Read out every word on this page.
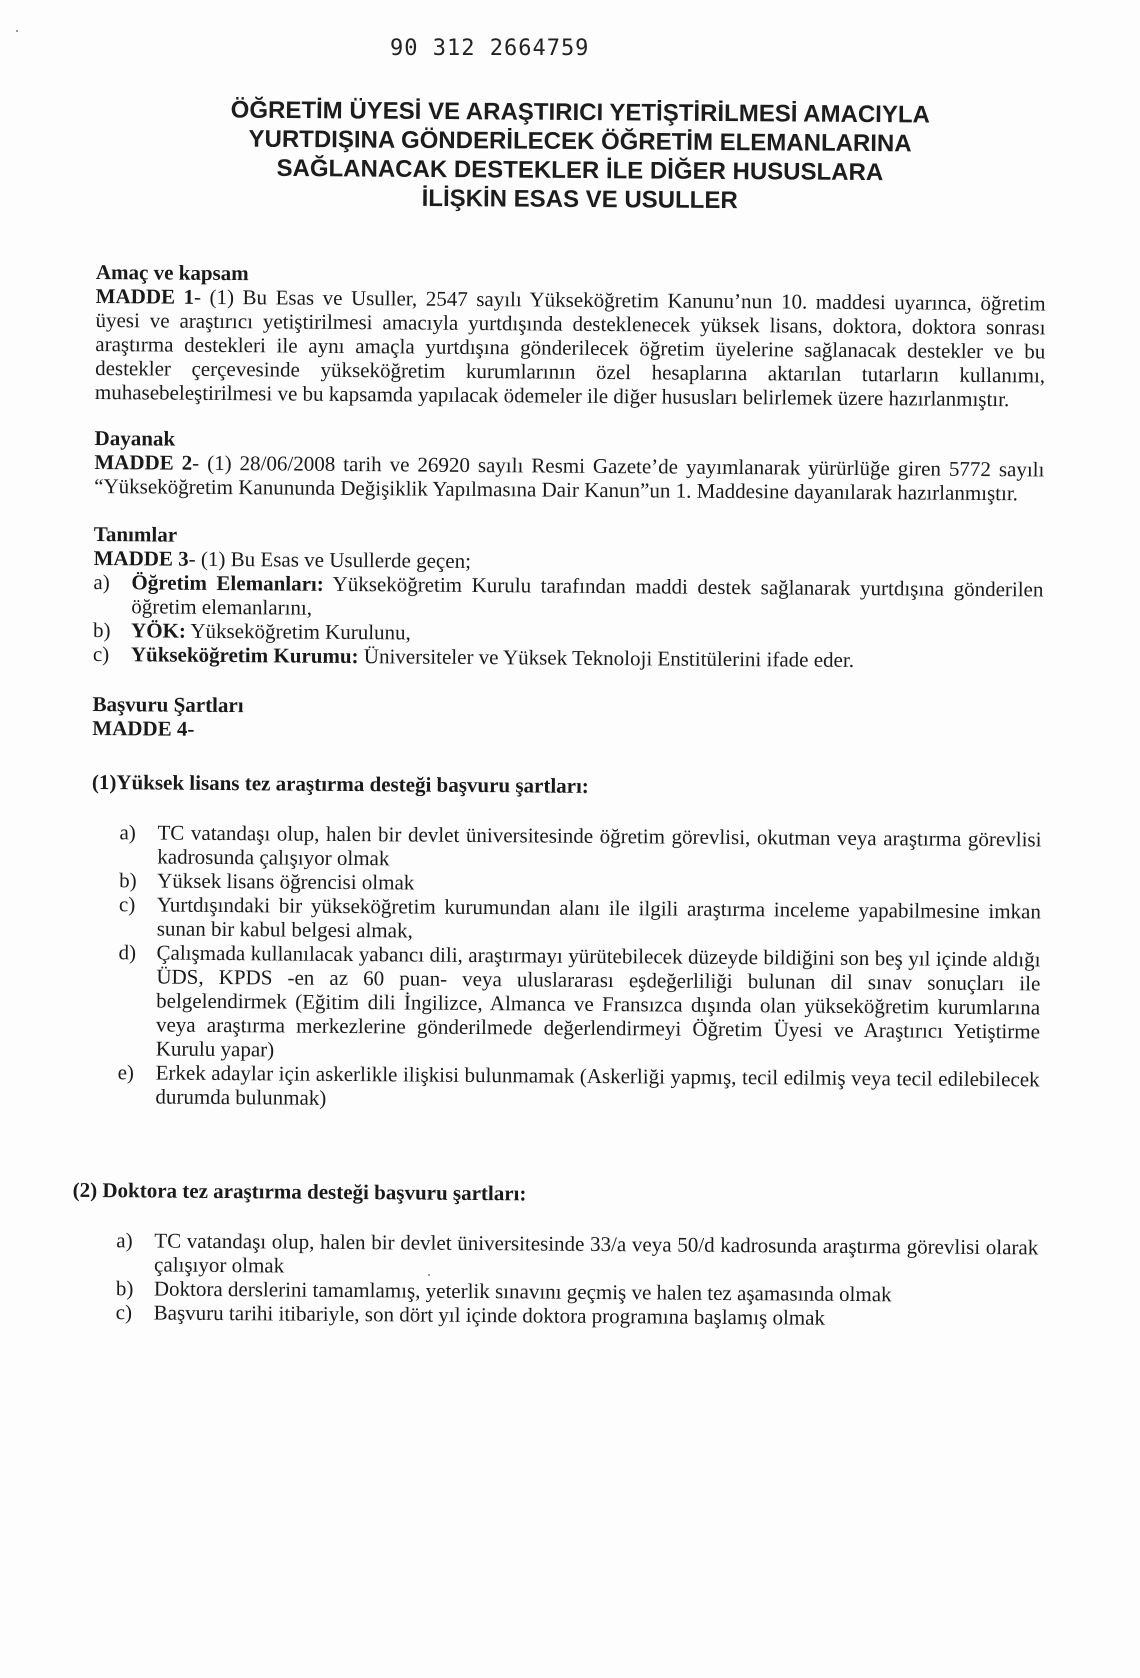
90 312 2664759
ÖĞRETİM ÜYESİ VE ARAŞTIRICI YETİŞTİRİLMESİ AMACIYLA
YURTDIŞINA GÖNDERİLECEK ÖĞRETİM ELEMANLARINA
SAĞLANACAK DESTEKLER İLE DİĞER HUSUSLARA
İLİŞKİN ESAS VE USULLER

Amaç ve kapsam

MADDE 1- (1) Bu Esas ve Usuller, 2547 sayılı Yükseköğretim Kanunu’nun 10. maddesi uyarınca, öğretim üyesi ve araştırıcı yetiştirilmesi amacıyla yurtdışında desteklenecek yüksek lisans, doktora, doktora sonrası araştırma destekleri ile aynı amaçla yurtdışına gönderilecek öğretim üyelerine sağlanacak destekler ve bu destekler çerçevesinde yükseköğretim kurumlarının özel hesaplarına aktarılan tutarların kullanımı, muhasebeleştirilmesi ve bu kapsamda yapılacak ödemeler ile diğer hususları belirlemek üzere hazırlanmıştır.

Dayanak

MADDE 2- (1) 28/06/2008 tarih ve 26920 sayılı Resmi Gazete’de yayımlanarak yürürlüğe giren 5772 sayılı “Yükseköğretim Kanununda Değişiklik Yapılmasına Dair Kanun”un 1. Maddesine dayanılarak hazırlanmıştır.

Tanımlar

MADDE 3- (1) Bu Esas ve Usullerde geçen;

a) Öğretim Elemanları: Yükseköğretim Kurulu tarafından maddi destek sağlanarak yurtdışına gönderilen öğretim elemanlarını,
b) YÖK: Yükseköğretim Kurulunu,
c) Yükseköğretim Kurumu: Üniversiteler ve Yüksek Teknoloji Enstitülerini ifade eder.

Başvuru Şartları

MADDE 4-

(1)Yüksek lisans tez araştırma desteği başvuru şartları:

a) TC vatandaşı olup, halen bir devlet üniversitesinde öğretim görevlisi, okutman veya araştırma görevlisi kadrosunda çalışıyor olmak
b) Yüksek lisans öğrencisi olmak
c) Yurtdışındaki bir yükseköğretim kurumundan alanı ile ilgili araştırma inceleme yapabilmesine imkan sunan bir kabul belgesi almak,
d) Çalışmada kullanılacak yabancı dili, araştırmayı yürütebilecek düzeyde bildiğini son beş yıl içinde aldığı ÜDS, KPDS -en az 60 puan- veya uluslararası eşdeğerliliği bulunan dil sınav sonuçları ile belgelendirmek (Eğitim dili İngilizce, Almanca ve Fransızca dışında olan yükseköğretim kurumlarına veya araştırma merkezlerine gönderilmede değerlendirmeyi Öğretim Üyesi ve Araştırıcı Yetiştirme Kurulu yapar)
e) Erkek adaylar için askerlikle ilişkisi bulunmamak (Askerliği yapmış, tecil edilmiş veya tecil edilebilecek durumda bulunmak)

(2) Doktora tez araştırma desteği başvuru şartları:

a) TC vatandaşı olup, halen bir devlet üniversitesinde 33/a veya 50/d kadrosunda araştırma görevlisi olarak çalışıyor olmak
b) Doktora derslerini tamamlamış, yeterlik sınavını geçmiş ve halen tez aşamasında olmak
c) Başvuru tarihi itibariyle, son dört yıl içinde doktora programına başlamış olmak
